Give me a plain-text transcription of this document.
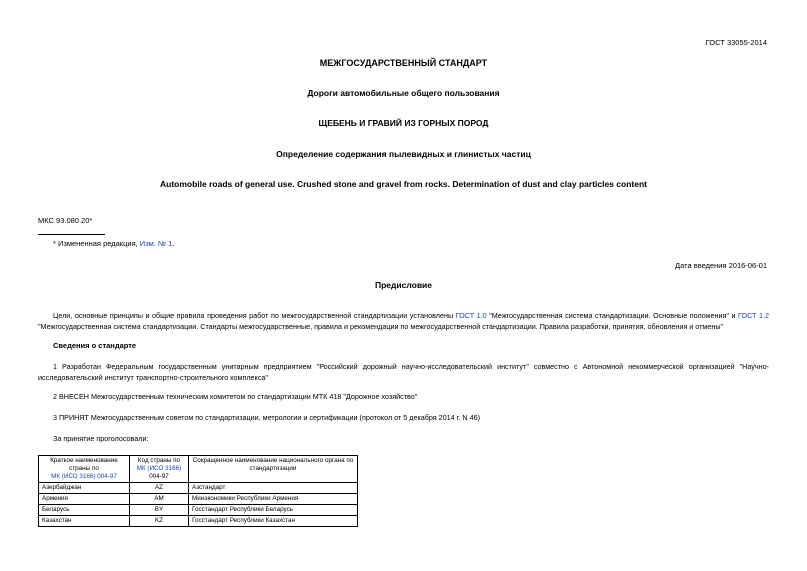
ГОСТ 33055-2014
МЕЖГОСУДАРСТВЕННЫЙ СТАНДАРТ
Дороги автомобильные общего пользования
ЩЕБЕНЬ И ГРАВИЙ ИЗ ГОРНЫХ ПОРОД
Определение содержания пылевидных и глинистых частиц
Automobile roads of general use. Crushed stone and gravel from rocks. Determination of dust and clay particles content
МКС 93.080.20*
* Измененная редакция, Изм. № 1.
Дата введения 2016-06-01
Предисловие

Цели, основные принципы и общие правила проведения работ по межгосударственной стандартизации установлены ГОСТ 1.0 "Межгосударственная система стандартизации. Основные положения" и ГОСТ 1.2 "Межгосударственная система стандартизации. Стандарты межгосударственные, правила и рекомендации по межгосударственной стандартизации. Правила разработки, принятия, обновления и отмены"

Сведения о стандарте

1 Разработан Федеральным государственным унитарным предприятием "Российский дорожный научно-исследовательский институт" совместно с Автономной некоммерческой организацией "Научно-исследовательский институт транспортно-строительного комплекса"

2 ВНЕСЕН Межгосударственным техническим комитетом по стандартизации МТК 418 "Дорожное хозяйство"

3 ПРИНЯТ Межгосударственным советом по стандартизации, метрологии и сертификации (протокол от 5 декабря 2014 г. N 46)

За принятие проголосовали:

Краткое наименование страны по
МК (ИСО 3166) 004-97	Код страны по
МК (ИСО 3166)
004-97	Сокращенное наименование национального органа по стандартизации
Азербайджан	AZ	Азстандарт
Армения	AM	Минэкономики Республики Армения
Беларусь	BY	Госстандарт Республики Беларусь
Казахстан	KZ	Госстандарт Республики Казахстан
